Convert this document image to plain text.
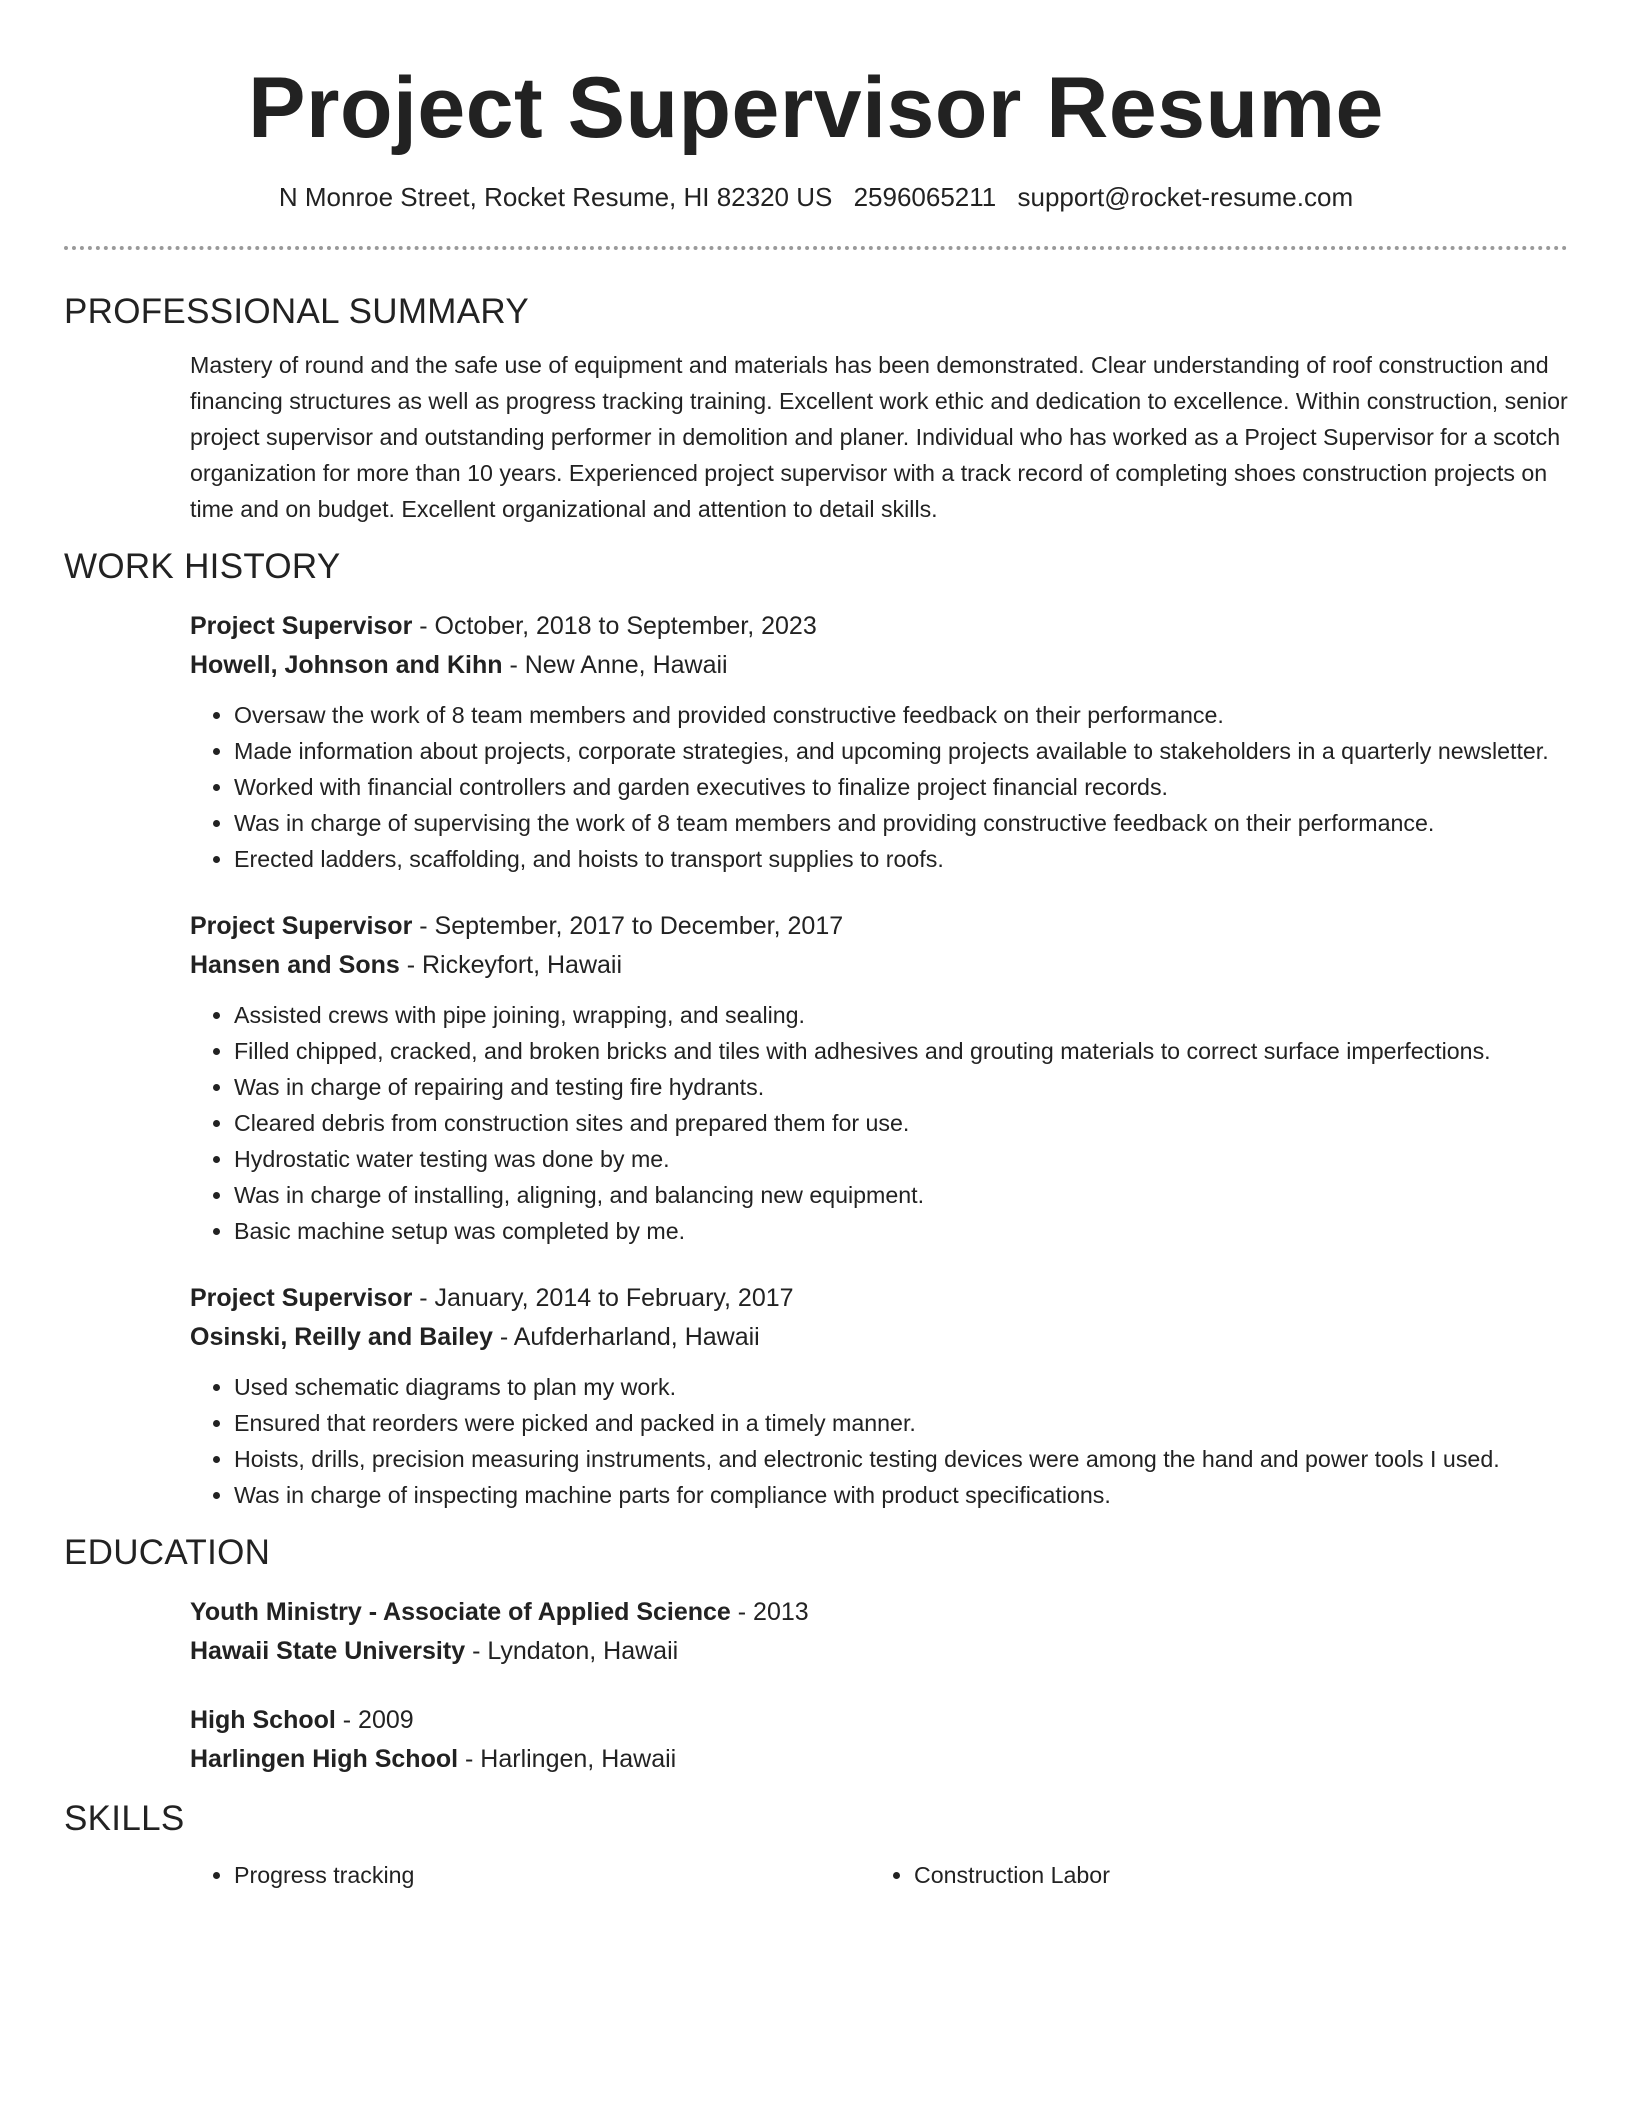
Project Supervisor Resume
N Monroe Street, Rocket Resume, HI 82320 US 2596065211 support@rocket-resume.com
PROFESSIONAL SUMMARY

Mastery of round and the safe use of equipment and materials has been demonstrated. Clear understanding of roof construction and financing structures as well as progress tracking training. Excellent work ethic and dedication to excellence. Within construction, senior project supervisor and outstanding performer in demolition and planer. Individual who has worked as a Project Supervisor for a scotch organization for more than 10 years. Experienced project supervisor with a track record of completing shoes construction projects on time and on budget. Excellent organizational and attention to detail skills.

WORK HISTORY
Project Supervisor - October, 2018 to September, 2023
Howell, Johnson and Kihn - New Anne, Hawaii
• Oversaw the work of 8 team members and provided constructive feedback on their performance.
• Made information about projects, corporate strategies, and upcoming projects available to stakeholders in a quarterly newsletter.
• Worked with financial controllers and garden executives to finalize project financial records.
• Was in charge of supervising the work of 8 team members and providing constructive feedback on their performance.
• Erected ladders, scaffolding, and hoists to transport supplies to roofs.
Project Supervisor - September, 2017 to December, 2017
Hansen and Sons - Rickeyfort, Hawaii
• Assisted crews with pipe joining, wrapping, and sealing.
• Filled chipped, cracked, and broken bricks and tiles with adhesives and grouting materials to correct surface imperfections.
• Was in charge of repairing and testing fire hydrants.
• Cleared debris from construction sites and prepared them for use.
• Hydrostatic water testing was done by me.
• Was in charge of installing, aligning, and balancing new equipment.
• Basic machine setup was completed by me.
Project Supervisor - January, 2014 to February, 2017
Osinski, Reilly and Bailey - Aufderharland, Hawaii
• Used schematic diagrams to plan my work.
• Ensured that reorders were picked and packed in a timely manner.
• Hoists, drills, precision measuring instruments, and electronic testing devices were among the hand and power tools I used.
• Was in charge of inspecting machine parts for compliance with product specifications.
EDUCATION
Youth Ministry - Associate of Applied Science - 2013
Hawaii State University - Lyndaton, Hawaii
High School - 2009
Harlingen High School - Harlingen, Hawaii
SKILLS
• Progress tracking
•	Construction Labor
